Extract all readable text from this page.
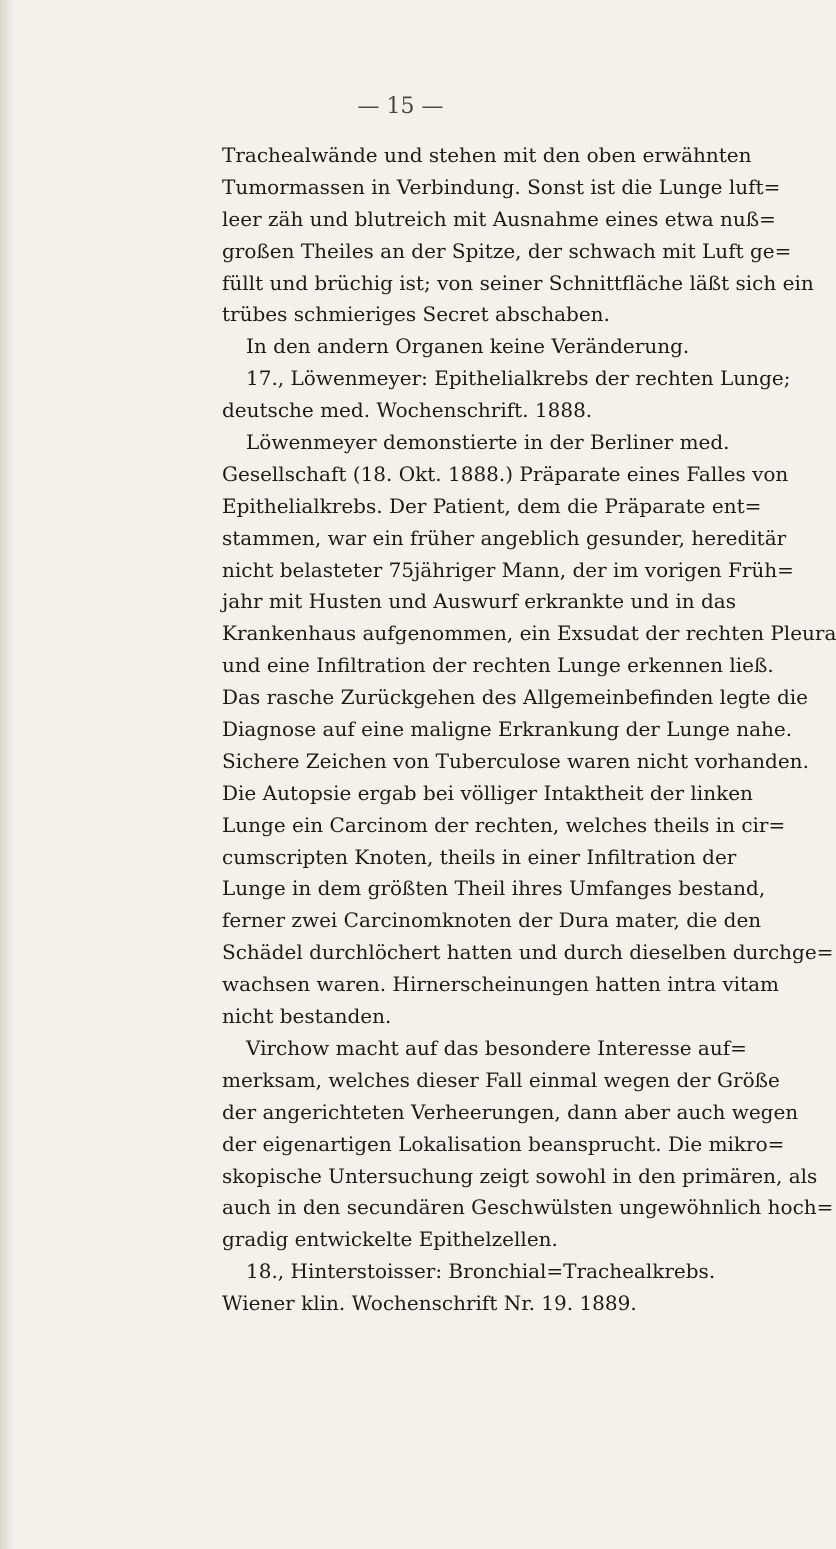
— 15 —
Trachealwände und stehen mit den oben erwähnten
Tumormassen in Verbindung. Sonst ist die Lunge luft=
leer zäh und blutreich mit Ausnahme eines etwa nuß=
großen Theiles an der Spitze, der schwach mit Luft ge=
füllt und brüchig ist; von seiner Schnittfläche läßt sich ein
trübes schmieriges Secret abschaben.
In den andern Organen keine Veränderung.
17., Löwenmeyer: Epithelialkrebs der rechten Lunge;
deutsche med. Wochenschrift. 1888.
Löwenmeyer demonstierte in der Berliner med.
Gesellschaft (18. Okt. 1888.) Präparate eines Falles von
Epithelialkrebs. Der Patient, dem die Präparate ent=
stammen, war ein früher angeblich gesunder, hereditär
nicht belasteter 75jähriger Mann, der im vorigen Früh=
jahr mit Husten und Auswurf erkrankte und in das
Krankenhaus aufgenommen, ein Exsudat der rechten Pleura
und eine Infiltration der rechten Lunge erkennen ließ.
Das rasche Zurückgehen des Allgemeinbefinden legte die
Diagnose auf eine maligne Erkrankung der Lunge nahe.
Sichere Zeichen von Tuberculose waren nicht vorhanden.
Die Autopsie ergab bei völliger Intaktheit der linken
Lunge ein Carcinom der rechten, welches theils in cir=
cumscripten Knoten, theils in einer Infiltration der
Lunge in dem größten Theil ihres Umfanges bestand,
ferner zwei Carcinomknoten der Dura mater, die den
Schädel durchlöchert hatten und durch dieselben durchge=
wachsen waren. Hirnerscheinungen hatten intra vitam
nicht bestanden.
Virchow macht auf das besondere Interesse auf=
merksam, welches dieser Fall einmal wegen der Größe
der angerichteten Verheerungen, dann aber auch wegen
der eigenartigen Lokalisation beansprucht. Die mikro=
skopische Untersuchung zeigt sowohl in den primären, als
auch in den secundären Geschwülsten ungewöhnlich hoch=
gradig entwickelte Epithelzellen.
18., Hinterstoisser: Bronchial=Trachealkrebs.
Wiener klin. Wochenschrift Nr. 19. 1889.
